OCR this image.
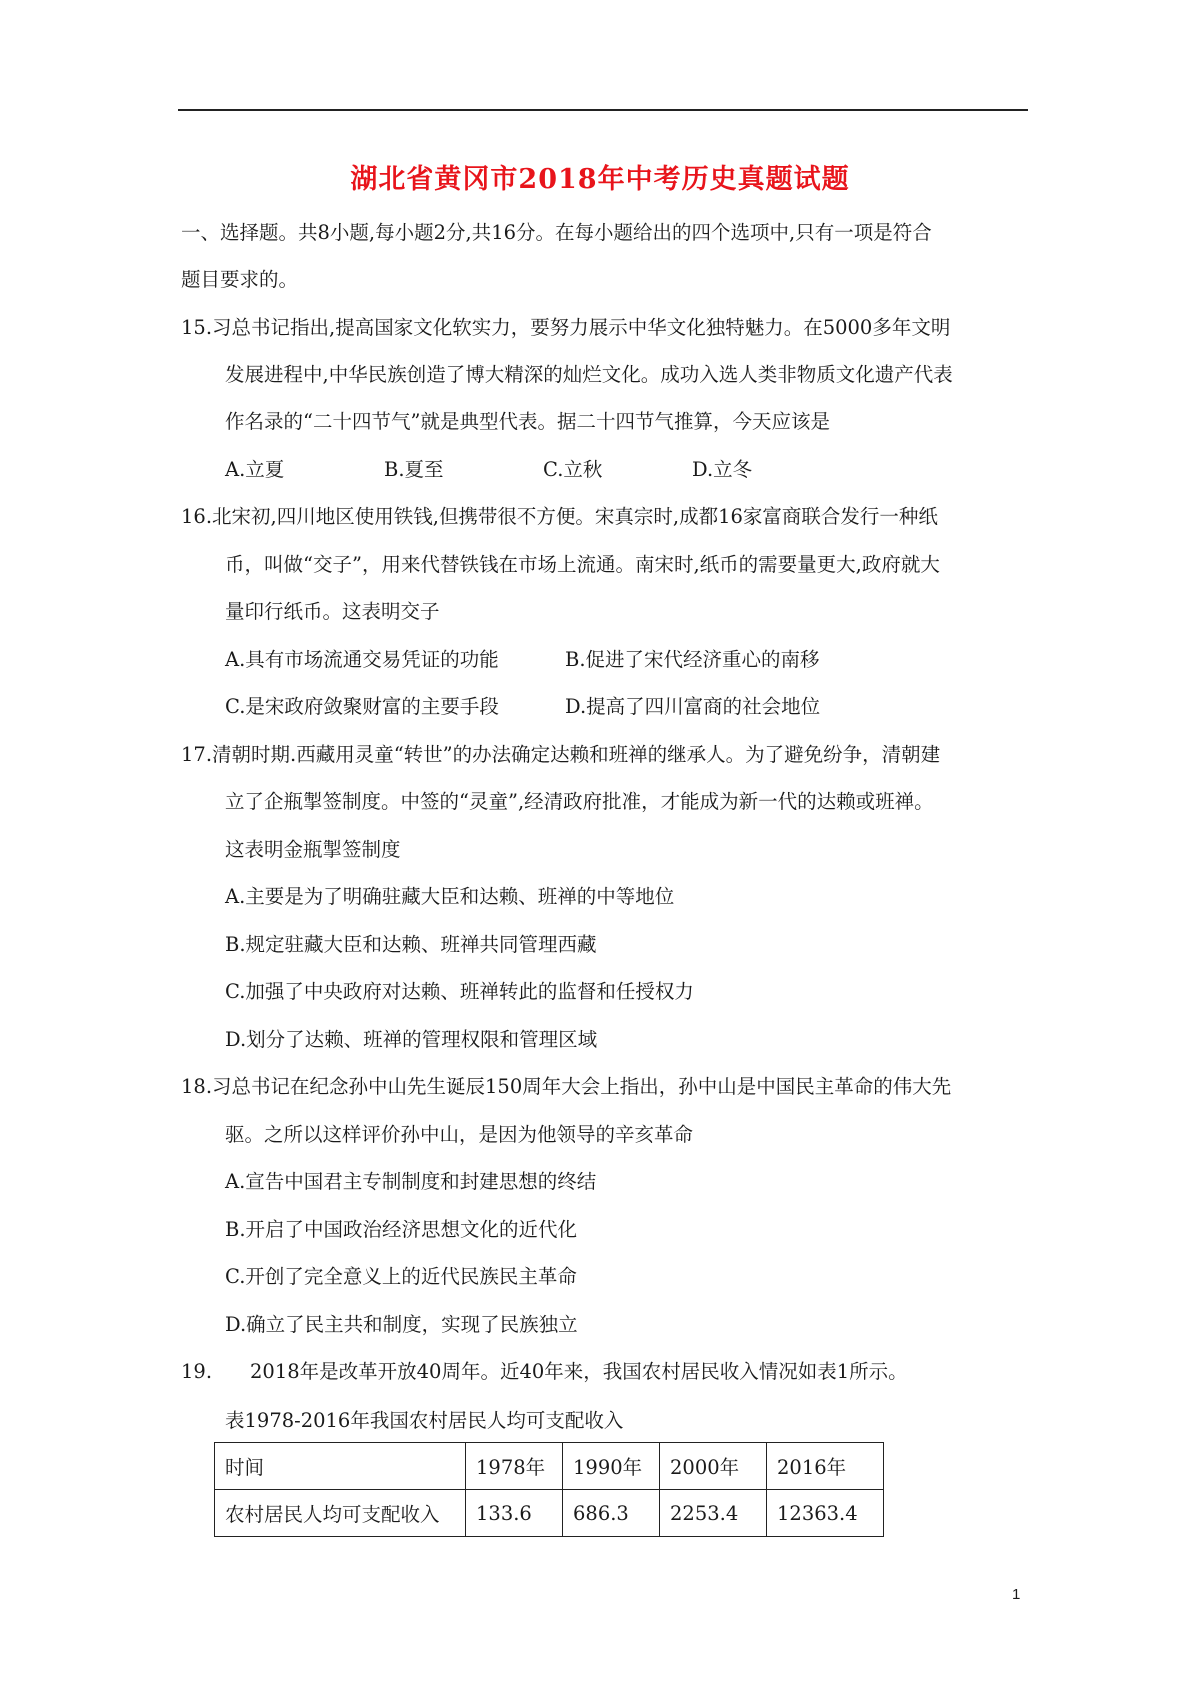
湖北省黄冈市2018年中考历史真题试题
一、选择题。共8小题,每小题2分,共16分。在每小题给出的四个选项中,只有一项是符合
题目要求的。
15.习总书记指出,提高国家文化软实力，要努力展示中华文化独特魅力。在5000多年文明
发展进程中,中华民族创造了博大精深的灿烂文化。成功入选人类非物质文化遗产代表
作名录的“二十四节气”就是典型代表。据二十四节气推算，今天应该是
A.立夏	B.夏至	C.立秋	D.立冬
16.北宋初,四川地区使用铁钱,但携带很不方便。宋真宗时,成都16家富商联合发行一种纸
币，叫做“交子”，用来代替铁钱在市场上流通。南宋时,纸币的需要量更大,政府就大
量印行纸币。这表明交子
A.具有市场流通交易凭证的功能	B.促进了宋代经济重心的南移
C.是宋政府敛聚财富的主要手段	D.提高了四川富商的社会地位
17.清朝时期.西藏用灵童“转世”的办法确定达赖和班禅的继承人。为了避免纷争，清朝建
立了企瓶掣签制度。中签的“灵童”,经清政府批准，才能成为新一代的达赖或班禅。
这表明金瓶掣签制度
A.主要是为了明确驻藏大臣和达赖、班禅的中等地位
B.规定驻藏大臣和达赖、班禅共同管理西藏
C.加强了中央政府对达赖、班禅转此的监督和任授权力
D.划分了达赖、班禅的管理权限和管理区域
18.习总书记在纪念孙中山先生诞辰150周年大会上指出，孙中山是中国民主革命的伟大先
驱。之所以这样评价孙中山，是因为他领导的辛亥革命
A.宣告中国君主专制制度和封建思想的终结
B.开启了中国政治经济思想文化的近代化
C.开创了完全意义上的近代民族民主革命
D.确立了民主共和制度，实现了民族独立
19. 2018年是改革开放40周年。近40年来，我国农村居民收入情况如表1所示。
表1978-2016年我国农村居民人均可支配收入
时间	1978年	1990年	2000年	2016年
农村居民人均可支配收入	133.6	686.3	2253.4	12363.4
1
